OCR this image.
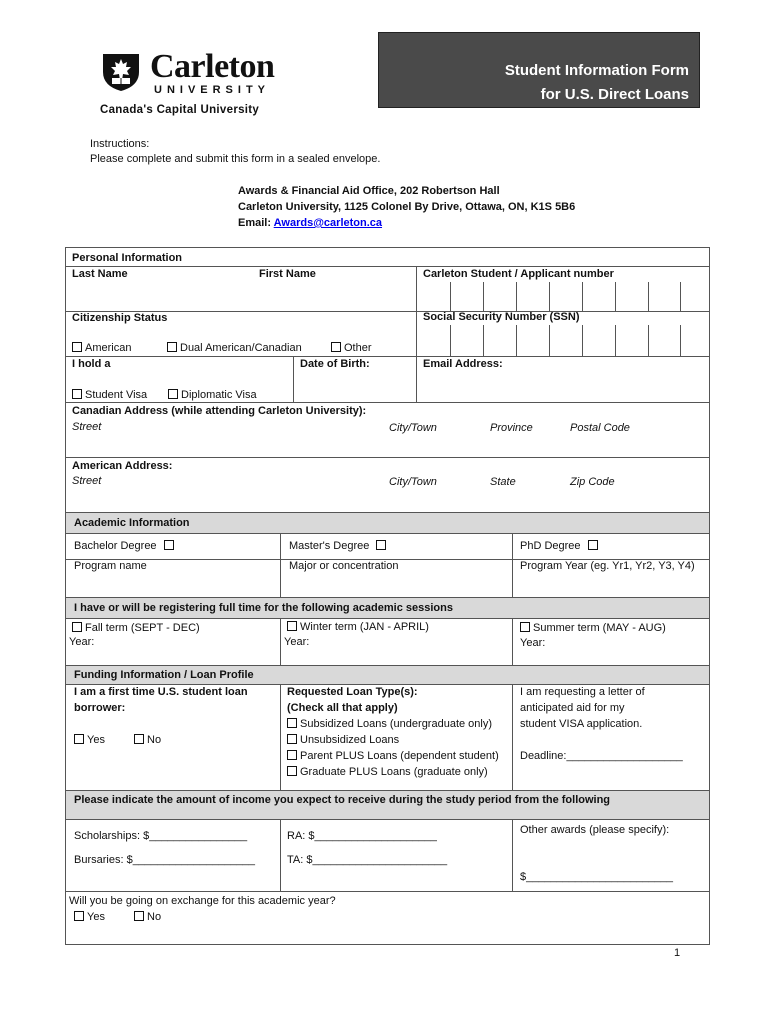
Carleton
UNIVERSITY
Canada's Capital University
Student Information Form
for U.S. Direct Loans
Instructions:
Please complete and submit this form in a sealed envelope.
Awards & Financial Aid Office, 202 Robertson Hall
Carleton University, 1125 Colonel By Drive, Ottawa, ON, K1S 5B6
Email: Awards@carleton.ca
Personal Information
Last Name	First Name	Carleton Student / Applicant number
Citizenship Status	Social Security Number (SSN)
American	Dual American/Canadian	Other
I hold a	Date of Birth:	Email Address:
Student Visa	Diplomatic Visa
Canadian Address (while attending Carleton University):
Street	City/Town	Province	Postal Code
American Address:
Street	City/Town	State	Zip Code
Academic Information
Bachelor Degree	Master's Degree	PhD Degree
Program name	Major or concentration	Program Year (eg. Yr1, Yr2, Y3, Y4)
I have or will be registering full time for the following academic sessions
Fall term (SEPT - DEC)	Winter term (JAN - APRIL)	Summer term (MAY - AUG)
Year:	Year:	Year:
Funding Information / Loan Profile
I am a first time U.S. student loan
borrower:
Yes	No
Requested Loan Type(s):
(Check all that apply)
Subsidized Loans (undergraduate only)
Unsubsidized Loans
Parent PLUS Loans (dependent student)
Graduate PLUS Loans (graduate only)
I am requesting a letter of
anticipated aid for my
student VISA application.
Deadline:___________________
Please indicate the amount of income you expect to receive during the study period from the following
Scholarships: $________________	RA: $____________________	Other awards (please specify):
Bursaries: $____________________	TA: $______________________
$________________________
Will you be going on exchange for this academic year?
Yes	No
1
